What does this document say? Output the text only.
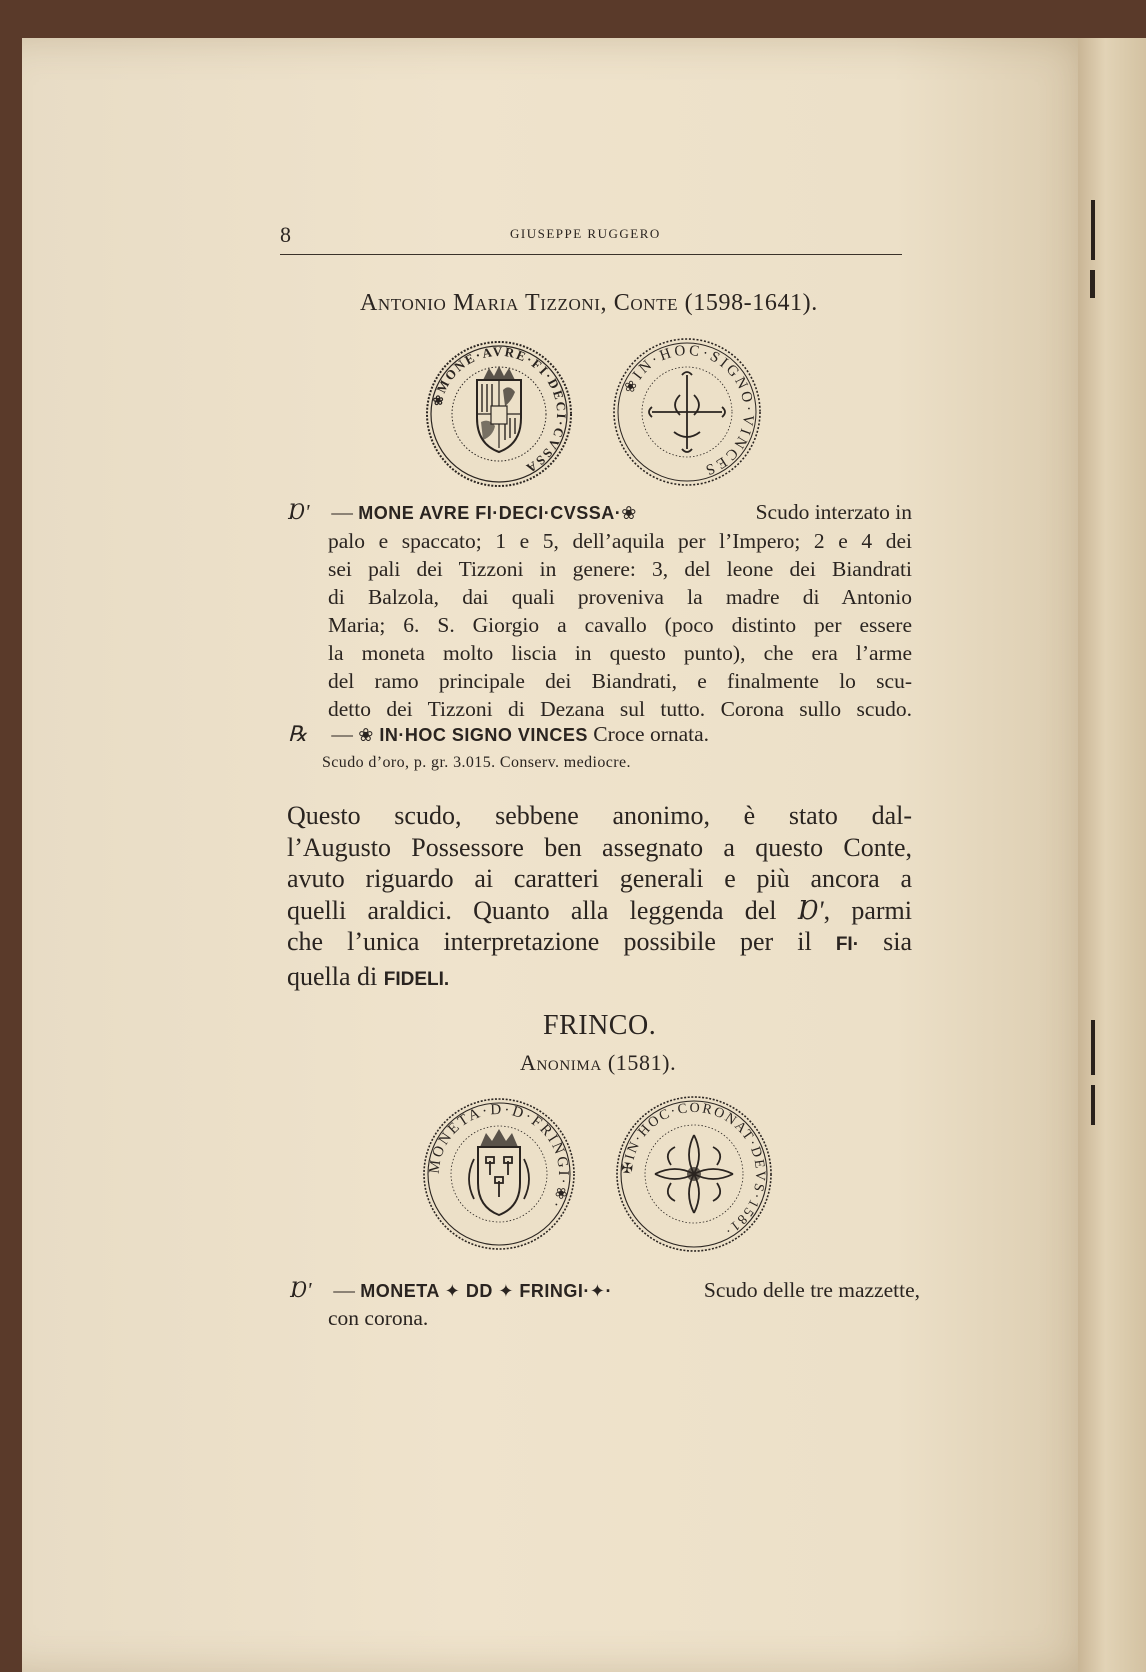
8	GIUSEPPE RUGGERO
Antonio Maria Tizzoni, Conte (1598-1641).
❀MONE·AVRE·FI·DECI·CVSSA
❀IN·HOC·SIGNO·VINCES
Ɒ' — MONE AVRE FI·DECI·CVSSA·❀	Scudo interzato in
palo e spaccato; 1 e 5, dell’aquila per l’Impero; 2 e 4 dei
sei pali dei Tizzoni in genere: 3, del leone dei Biandrati
di Balzola, dai quali proveniva la madre di Antonio
Maria; 6. S. Giorgio a cavallo (poco distinto per essere
la moneta molto liscia in questo punto), che era l’arme
del ramo principale dei Biandrati, e finalmente lo scu-
detto dei Tizzoni di Dezana sul tutto. Corona sullo scudo.
℞ — ❀ IN·HOC SIGNO VINCES Croce ornata.
Scudo d’oro, p. gr. 3.015. Conserv. mediocre.
Questo scudo, sebbene anonimo, è stato dal-
l’Augusto Possessore ben assegnato a questo Conte,
avuto riguardo ai caratteri generali e più ancora a
quelli araldici. Quanto alla leggenda del Ɒ', parmi
che l’unica interpretazione possibile per il FI· sia
quella di FIDELI.
FRINCO.
Anonima (1581).
MONETA·D·D·FRINGI·❀·
✠IN·HOC·CORONAT·DEVS·1581·
Ɒ' — MONETA ✦ DD ✦ FRINGI·✦·	Scudo delle tre mazzette,
con corona.
